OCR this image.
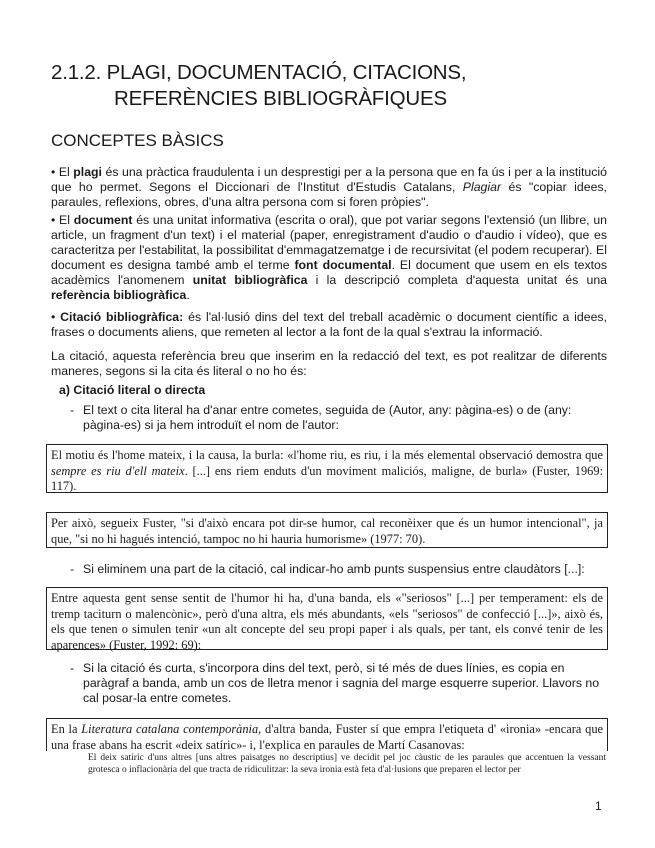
2.1.2. PLAGI, DOCUMENTACIÓ, CITACIONS,
REFERÈNCIES BIBLIOGRÀFIQUES
CONCEPTES BÀSICS
• El plagi és una pràctica fraudulenta i un desprestigi per a la persona que en fa ús i per a la institució que ho permet. Segons el Diccionari de l'Institut d'Estudis Catalans, Plagiar és "copiar idees, paraules, reflexions, obres, d'una altra persona com si foren pròpies".
• El document és una unitat informativa (escrita o oral), que pot variar segons l'extensió (un llibre, un article, un fragment d'un text) i el material (paper, enregistrament d'audio o d'audio i vídeo), que es caracteritza per l'estabilitat, la possibilitat d'emmagatzematge i de recursivitat (el podem recuperar). El document es designa també amb el terme font documental. El document que usem en els textos acadèmics l'anomenem unitat bibliogràfica i la descripció completa d'aquesta unitat és una referència bibliogràfica.
• Citació bibliogràfica: és l'al·lusió dins del text del treball acadèmic o document científic a idees, frases o documents aliens, que remeten al lector a la font de la qual s'extrau la informació.
La citació, aquesta referència breu que inserim en la redacció del text, es pot realitzar de diferents maneres, segons si la cita és literal o no ho és:
a) Citació literal o directa
- El text o cita literal ha d'anar entre cometes, seguida de (Autor, any: pàgina-es) o de (any: pàgina-es) si ja hem introduït el nom de l'autor:
El motiu és l'home mateix, i la causa, la burla: «l'home riu, es riu, i la més elemental observació demostra que sempre es riu d'ell mateix. [...] ens riem enduts d'un moviment maliciós, maligne, de burla» (Fuster, 1969: 117).
Per això, segueix Fuster, "si d'això encara pot dir-se humor, cal reconèixer que és un humor intencional", ja que, "si no hi hagués intenció, tampoc no hi hauria humorisme» (1977: 70).
- Si eliminem una part de la citació, cal indicar-ho amb punts suspensius entre claudàtors [...]:
Entre aquesta gent sense sentit de l'humor hi ha, d'una banda, els «"seriosos" [...] per temperament: els de tremp taciturn o malencònic», però d'una altra, els més abundants, «els "seriosos" de confecció [...]», això és, els que tenen o simulen tenir «un alt concepte del seu propi paper i als quals, per tant, els convé tenir de les aparences» (Fuster, 1992: 69):
- Si la citació és curta, s'incorpora dins del text, però, si té més de dues línies, es copia en paràgraf a banda, amb un cos de lletra menor i sagnia del marge esquerre superior. Llavors no cal posar-la entre cometes.
En la Literatura catalana contemporània, d'altra banda, Fuster sí que empra l'etiqueta d' «ironia» -encara que una frase abans ha escrit «deix satíric»- i, l'explica en paraules de Martí Casanovas:
El deix satíric d'uns altres [uns altres paisatges no descriptius] ve decidit pel joc càustic de les paraules que accentuen la vessant grotesca o inflacionària del que tracta de ridiculitzar: la seva ironia està feta d'al·lusions que preparen el lector per
1
